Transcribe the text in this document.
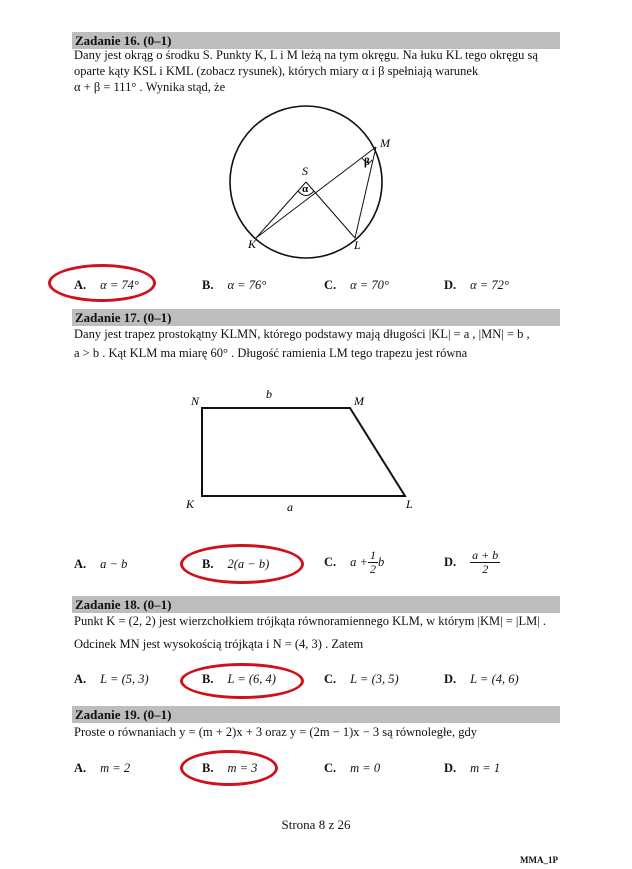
Zadanie 16. (0–1)
Dany jest okrąg o środku S. Punkty K, L i M leżą na tym okręgu. Na łuku KL tego okręgu są
oparte kąty KSL i KML (zobacz rysunek), których miary α i β spełniają warunek
α + β = 111° . Wynika stąd, że
S
M
K	L
α
β
A. α = 74°	B. α = 76°	C. α = 70°	D. α = 72°
Zadanie 17. (0–1)
Dany jest trapez prostokątny KLMN, którego podstawy mają długości |KL| = a , |MN| = b ,
a > b . Kąt KLM ma miarę 60° . Długość ramienia LM tego trapezu jest równa
N	M
K	L
b
a
A. a − b	B. 2(a − b)	C. $a + \frac{1}{2}$ b	D. $\frac{a + b}{2}$
Zadanie 18. (0–1)
Punkt K = (2, 2) jest wierzchołkiem trójkąta równoramiennego KLM, w którym |KM| = |LM| .
Odcinek MN jest wysokością trójkąta i N = (4, 3) . Zatem
A. L = (5, 3)	B. L = (6, 4)	C. L = (3, 5)	D. L = (4, 6)
Zadanie 19. (0–1)
Proste o równaniach y = (m + 2)x + 3 oraz y = (2m − 1)x − 3 są równoległe, gdy
A. m = 2	B. m = 3	C. m = 0	D. m = 1
Strona 8 z 26
MMA_1P
